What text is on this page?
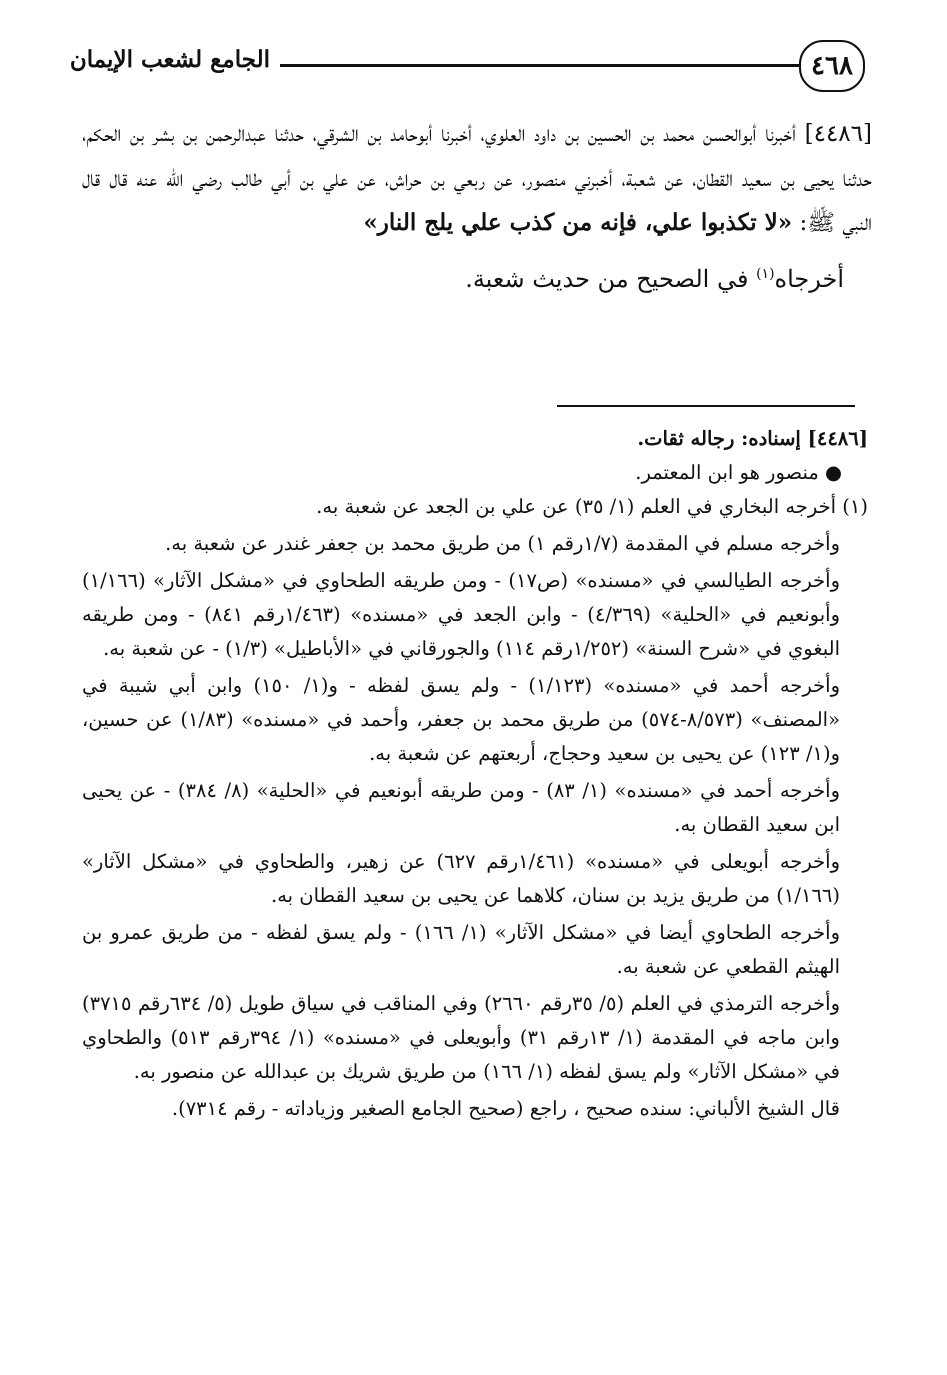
٤٦٨
الجامع لشعب الإيمان

[٤٤٨٦] أخبرنا أبوالحسن محمد بن الحسين بن داود العلوي، أخبرنا أبوحامد بن الشرقي، حدثنا عبدالرحمن بن بشر بن الحكم، حدثنا يحيى بن سعيد القطان، عن شعبة، أخبرني منصور، عن ربعي بن حراش، عن علي بن أبي طالب رضي الله عنه قال قال النبي ﷺ: «لا تكذبوا علي، فإنه من كذب علي يلج النار»

أخرجاه$^{(١)}$ في الصحيح من حديث شعبة.

[٤٤٨٦] إسناده: رجاله ثقات.

● منصور هو ابن المعتمر.

(١) أخرجه البخاري في العلم (١/ ٣٥) عن علي بن الجعد عن شعبة به.

وأخرجه مسلم في المقدمة (١/٧رقم ١) من طريق محمد بن جعفر غندر عن شعبة به.

وأخرجه الطيالسي في «مسنده» (ص١٧) - ومن طريقه الطحاوي في «مشكل الآثار» (١/١٦٦) وأبونعيم في «الحلية» (٤/٣٦٩) - وابن الجعد في «مسنده» (١/٤٦٣رقم ٨٤١) - ومن طريقه البغوي في «شرح السنة» (١/٢٥٢رقم ١١٤) والجورقاني في «الأباطيل» (١/٣) - عن شعبة به.

وأخرجه أحمد في «مسنده» (١/١٢٣) - ولم يسق لفظه - و(١/ ١٥٠) وابن أبي شيبة في «المصنف» (٨/٥٧٣-٥٧٤) من طريق محمد بن جعفر، وأحمد في «مسنده» (١/٨٣) عن حسين، و(١/ ١٢٣) عن يحيى بن سعيد وحجاج، أربعتهم عن شعبة به.

وأخرجه أحمد في «مسنده» (١/ ٨٣) - ومن طريقه أبونعيم في «الحلية» (٨/ ٣٨٤) - عن يحيى ابن سعيد القطان به.

وأخرجه أبويعلى في «مسنده» (١/٤٦١رقم ٦٢٧) عن زهير، والطحاوي في «مشكل الآثار» (١/١٦٦) من طريق يزيد بن سنان، كلاهما عن يحيى بن سعيد القطان به.

وأخرجه الطحاوي أيضا في «مشكل الآثار» (١/ ١٦٦) - ولم يسق لفظه - من طريق عمرو بن الهيثم القطعي عن شعبة به.

وأخرجه الترمذي في العلم (٥/ ٣٥رقم ٢٦٦٠) وفي المناقب في سياق طويل (٥/ ٦٣٤رقم ٣٧١٥) وابن ماجه في المقدمة (١/ ١٣رقم ٣١) وأبويعلى في «مسنده» (١/ ٣٩٤رقم ٥١٣) والطحاوي في «مشكل الآثار» ولم يسق لفظه (١/ ١٦٦) من طريق شريك بن عبدالله عن منصور به.

قال الشيخ الألباني: سنده صحيح ، راجع (صحيح الجامع الصغير وزياداته - رقم ٧٣١٤).
